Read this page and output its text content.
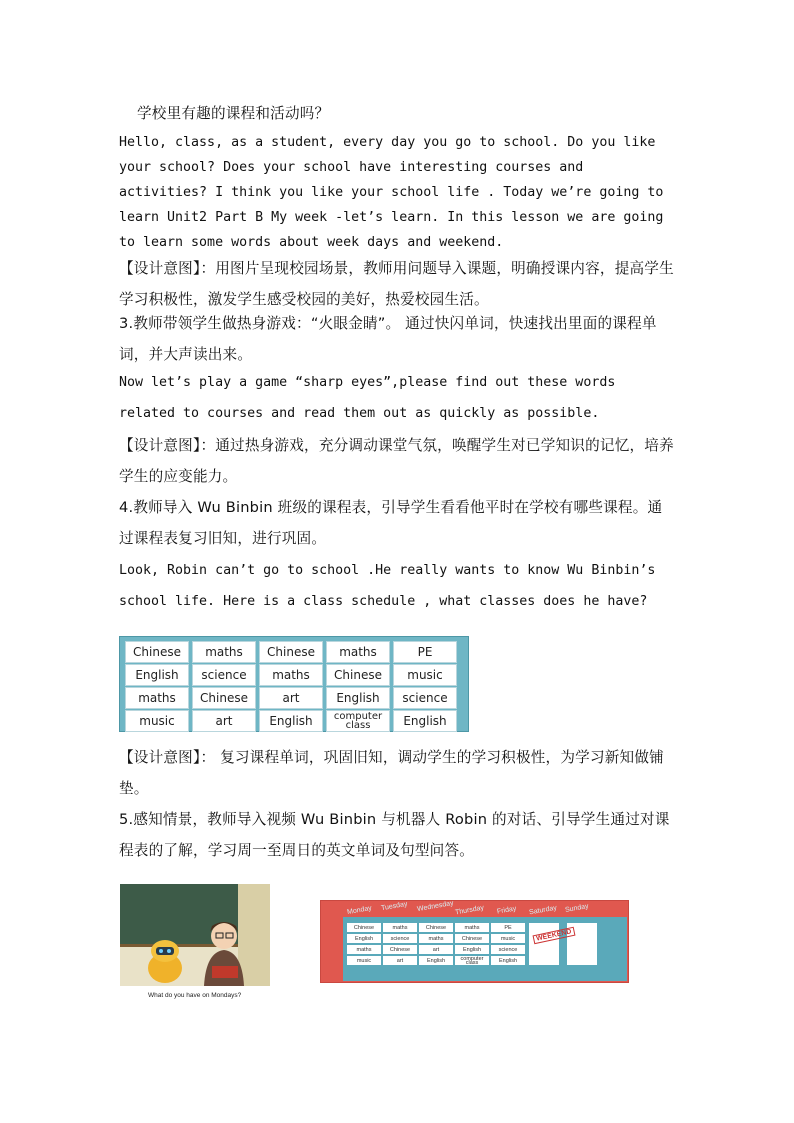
学校里有趣的课程和活动吗？

Hello, class, as a student, every day you go to school. Do you like your school? Does your school have interesting courses and activities? I think you like your school life . Today we’re going to learn Unit2 Part B My week -let’s learn. In this lesson we are going to learn some words about week days and weekend.

【设计意图】：用图片呈现校园场景，教师用问题导入课题，明确授课内容，提高学生学习积极性，激发学生感受校园的美好，热爱校园生活。

3.教师带领学生做热身游戏：“火眼金睛”。 通过快闪单词，快速找出里面的课程单词，并大声读出来。

Now let’s play a game “sharp eyes”,please find out these words related to courses and read them out as quickly as possible.

【设计意图】：通过热身游戏，充分调动课堂气氛，唤醒学生对已学知识的记忆，培养学生的应变能力。

4.教师导入 Wu Binbin 班级的课程表，引导学生看看他平时在学校有哪些课程。通过课程表复习旧知，进行巩固。

Look, Robin can’t go to school .He really wants to know Wu Binbin’s school life. Here is a class schedule , what classes does he have?

Chinese	maths	Chinese	maths	PE
English	science	maths	Chinese	music
maths	Chinese	art	English	science
music	art	English	computer class	English

【设计意图】： 复习课程单词，巩固旧知，调动学生的学习积极性，为学习新知做铺垫。

5.感知情景，教师导入视频 Wu Binbin 与机器人 Robin 的对话、引导学生通过对课程表的了解，学习周一至周日的英文单词及句型问答。

What do you have on Mondays?
Monday Tuesday Wednesday Thursday Friday Saturday Sunday
Chinese	maths	Chinese	maths	PE
English	science	maths	Chinese	music
maths	Chinese	art	English	science
music	art	English	computer class	English
WEEKEND
